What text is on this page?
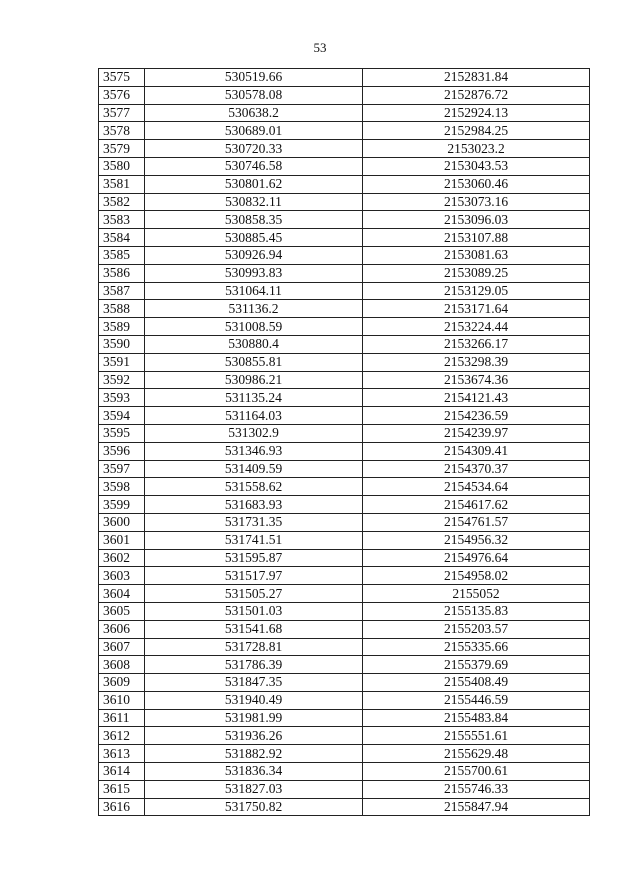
53
3575	530519.66	2152831.84
3576	530578.08	2152876.72
3577	530638.2	2152924.13
3578	530689.01	2152984.25
3579	530720.33	2153023.2
3580	530746.58	2153043.53
3581	530801.62	2153060.46
3582	530832.11	2153073.16
3583	530858.35	2153096.03
3584	530885.45	2153107.88
3585	530926.94	2153081.63
3586	530993.83	2153089.25
3587	531064.11	2153129.05
3588	531136.2	2153171.64
3589	531008.59	2153224.44
3590	530880.4	2153266.17
3591	530855.81	2153298.39
3592	530986.21	2153674.36
3593	531135.24	2154121.43
3594	531164.03	2154236.59
3595	531302.9	2154239.97
3596	531346.93	2154309.41
3597	531409.59	2154370.37
3598	531558.62	2154534.64
3599	531683.93	2154617.62
3600	531731.35	2154761.57
3601	531741.51	2154956.32
3602	531595.87	2154976.64
3603	531517.97	2154958.02
3604	531505.27	2155052
3605	531501.03	2155135.83
3606	531541.68	2155203.57
3607	531728.81	2155335.66
3608	531786.39	2155379.69
3609	531847.35	2155408.49
3610	531940.49	2155446.59
3611	531981.99	2155483.84
3612	531936.26	2155551.61
3613	531882.92	2155629.48
3614	531836.34	2155700.61
3615	531827.03	2155746.33
3616	531750.82	2155847.94
